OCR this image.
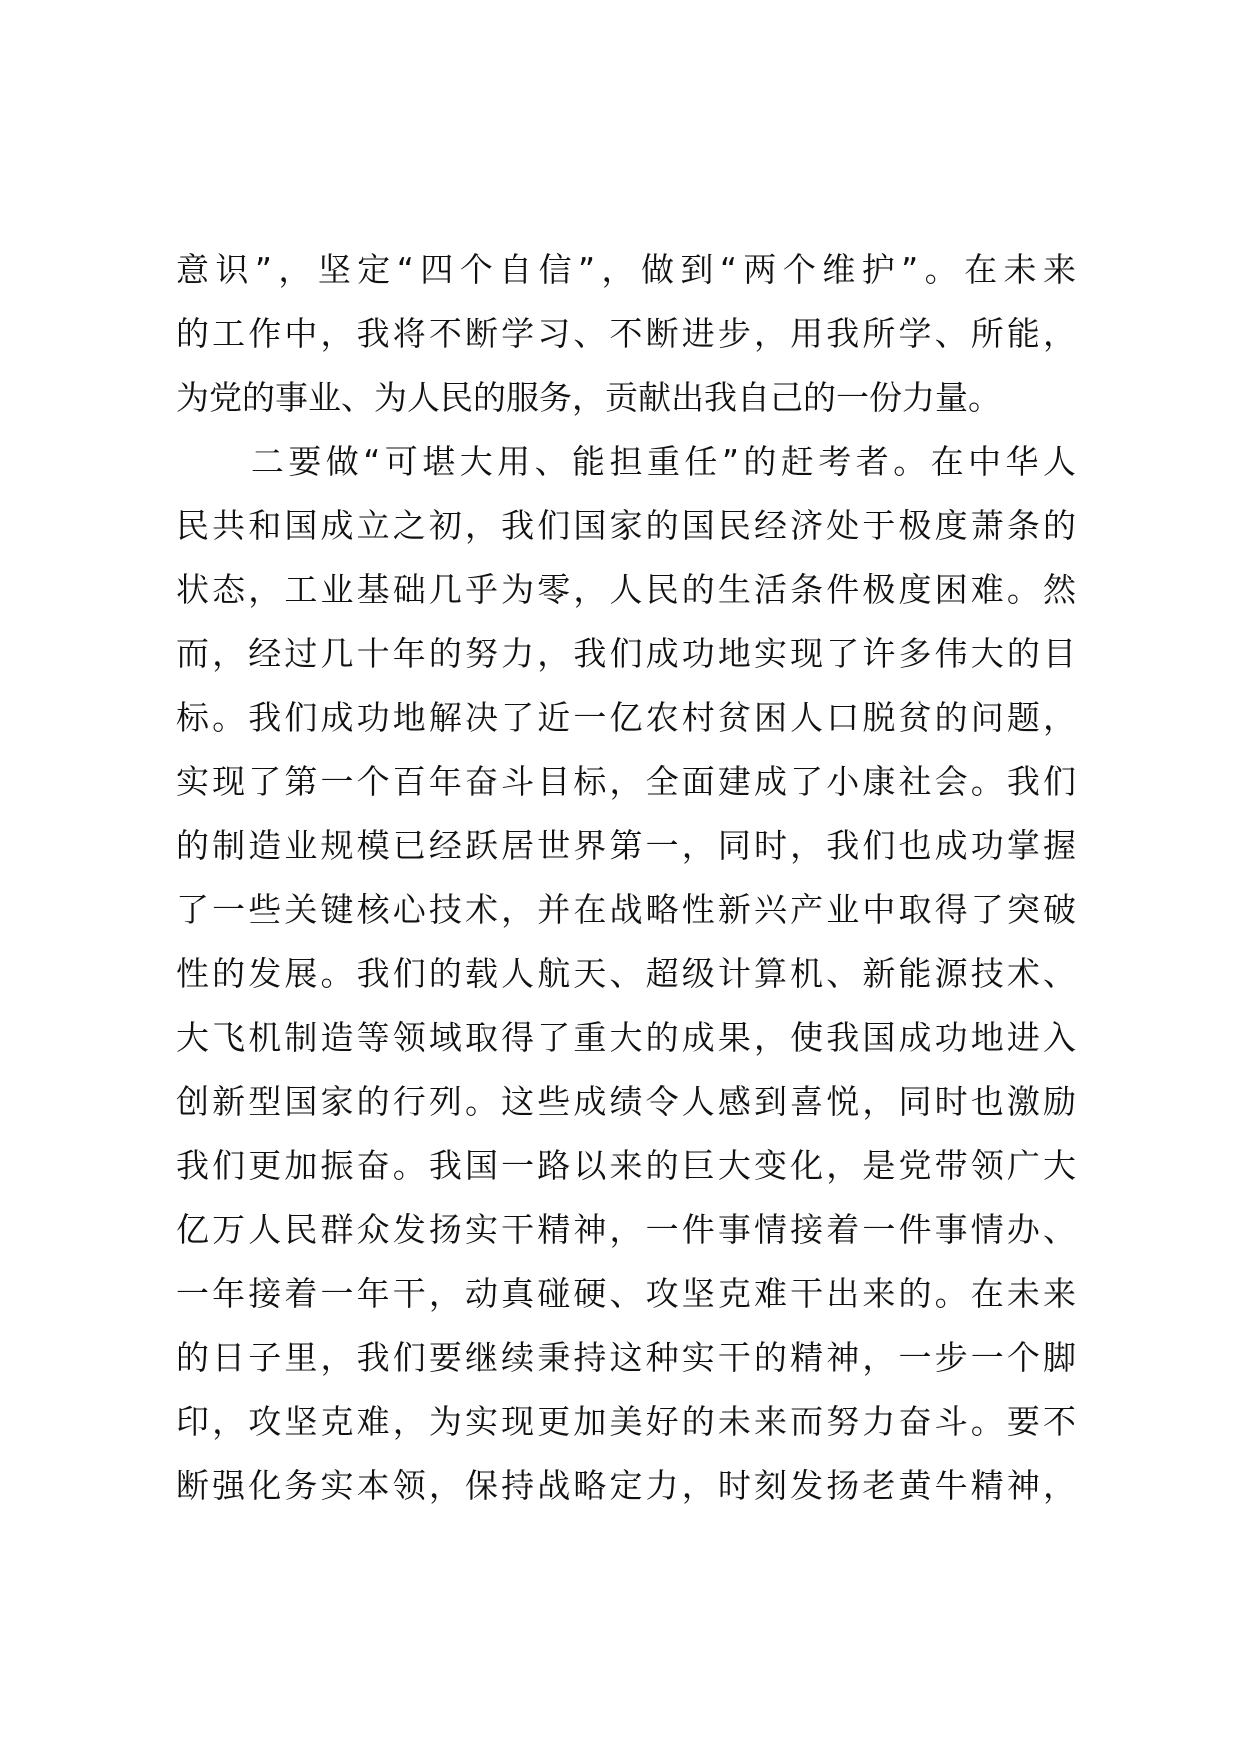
意识”，坚定“四个自信”，做到“两个维护”。在未来
的工作中，我将不断学习、不断进步，用我所学、所能，
为党的事业、为人民的服务，贡献出我自己的一份力量。
　　二要做“可堪大用、能担重任”的赶考者。在中华人
民共和国成立之初，我们国家的国民经济处于极度萧条的
状态，工业基础几乎为零，人民的生活条件极度困难。然
而，经过几十年的努力，我们成功地实现了许多伟大的目
标。我们成功地解决了近一亿农村贫困人口脱贫的问题，
实现了第一个百年奋斗目标，全面建成了小康社会。我们
的制造业规模已经跃居世界第一，同时，我们也成功掌握
了一些关键核心技术，并在战略性新兴产业中取得了突破
性的发展。我们的载人航天、超级计算机、新能源技术、
大飞机制造等领域取得了重大的成果，使我国成功地进入
创新型国家的行列。这些成绩令人感到喜悦，同时也激励
我们更加振奋。我国一路以来的巨大变化，是党带领广大
亿万人民群众发扬实干精神，一件事情接着一件事情办、
一年接着一年干，动真碰硬、攻坚克难干出来的。在未来
的日子里，我们要继续秉持这种实干的精神，一步一个脚
印，攻坚克难，为实现更加美好的未来而努力奋斗。要不
断强化务实本领，保持战略定力，时刻发扬老黄牛精神，
